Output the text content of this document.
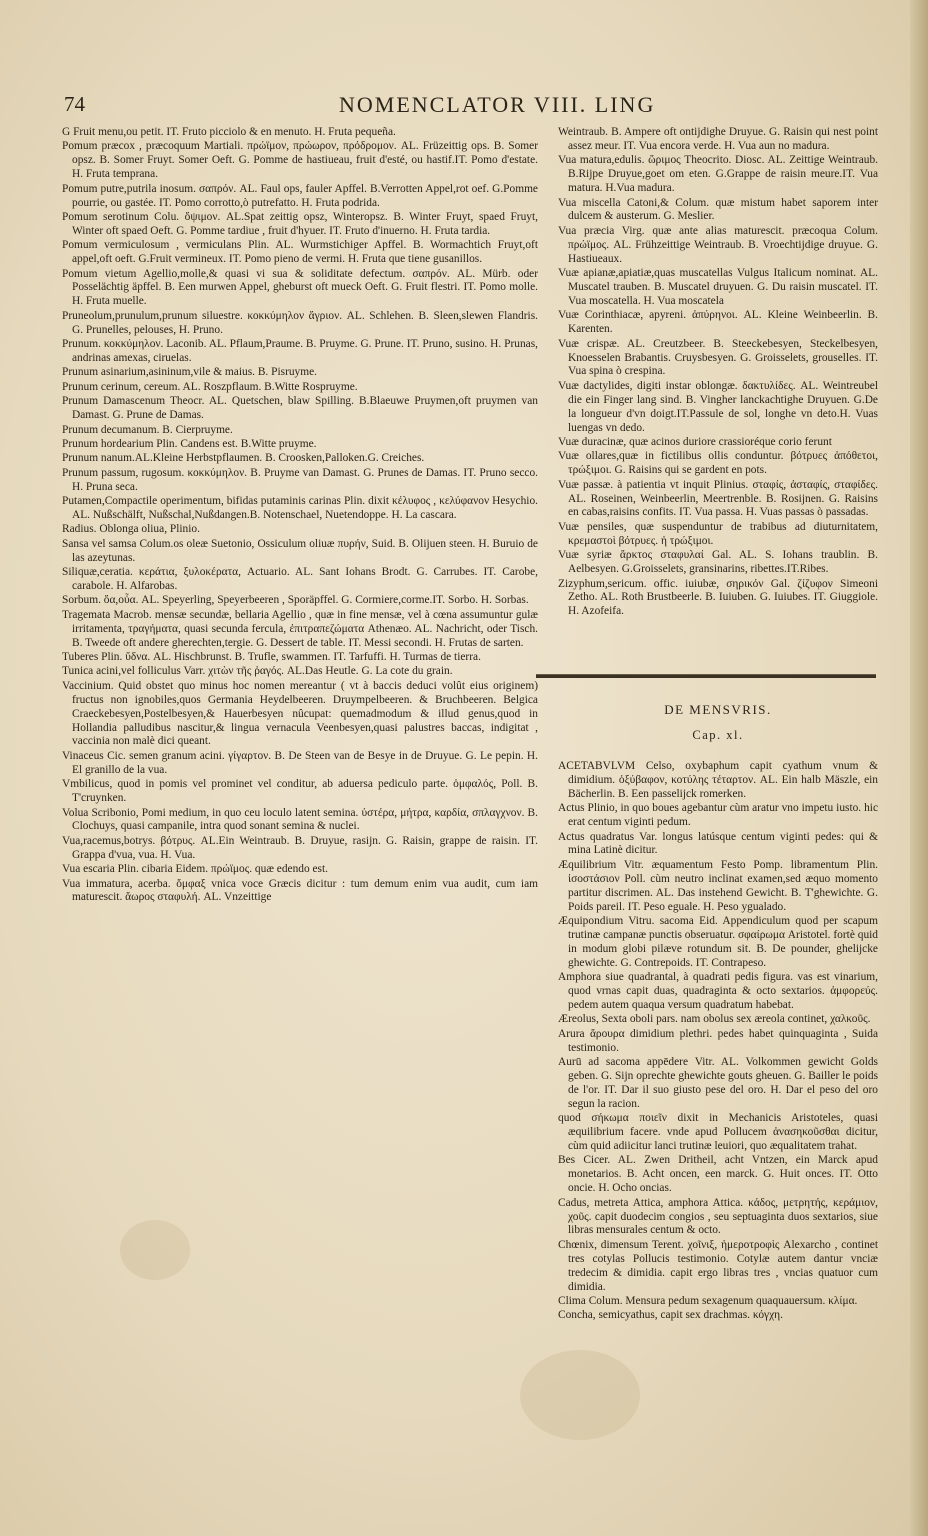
74	NOMENCLATOR VIII. LING

G Fruit menu,ou petit. IT. Fruto picciolo & en menuto. H. Fruta pequeña.

Pomum præcox , præcoquum Martiali. πρώϊμον, πρώωρον, πρόδρομον. AL. Früzeittig ops. B. Somer opsz. B. Somer Fruyt. Somer Oeft. G. Pomme de hastiueau, fruit d'esté, ou hastif.IT. Pomo d'estate. H. Fruta temprana.

Pomum putre,putrila inosum. σαπρόν. AL. Faul ops, fauler Apffel. B.Verrotten Appel,rot oef. G.Pomme pourrie, ou gastée. IT. Pomo corrotto,ò putrefatto. H. Fruta podrida.

Pomum serotinum Colu. ὄψιμον. AL.Spat zeittig opsz, Winteropsz. B. Winter Fruyt, spaed Fruyt, Winter oft spaed Oeft. G. Pomme tardiue , fruit d'hyuer. IT. Fruto d'inuerno. H. Fruta tardia.

Pomum vermiculosum , vermiculans Plin. AL. Wurmstichiger Apffel. B. Wormachtich Fruyt,oft appel,oft oeft. G.Fruit vermineux. IT. Pomo pieno de vermi. H. Fruta que tiene gusanillos.

Pomum vietum Agellio,molle,& quasi vi sua & soliditate defectum. σαπρόν. AL. Mürb. oder Posselächtig äpffel. B. Een murwen Appel, gheburst oft mueck Oeft. G. Fruit flestri. IT. Pomo molle. H. Fruta muelle.

Pruneolum,prunulum,prunum siluestre. κοκκύμηλον ἄγριον. AL. Schlehen. B. Sleen,slewen Flandris. G. Prunelles, pelouses, H. Pruno.

Prunum. κοκκύμηλον. Laconib. AL. Pflaum,Praume. B. Pruyme. G. Prune. IT. Pruno, susino. H. Prunas, andrinas amexas, ciruelas.

Prunum asinarium,asininum,vile & maius. B. Pisruyme.

Prunum cerinum, cereum. AL. Roszpflaum. B.Witte Rospruyme.

Prunum Damascenum Theocr. AL. Quetschen, blaw Spilling. B.Blaeuwe Pruymen,oft pruymen van Damast. G. Prune de Damas.

Prunum decumanum. B. Cierpruyme.

Prunum hordearium Plin. Candens est. B.Witte pruyme.

Prunum nanum.AL.Kleine Herbstpflaumen. B. Croosken,Palloken.G. Creiches.

Prunum passum, rugosum. κοκκύμηλον. B. Pruyme van Damast. G. Prunes de Damas. IT. Pruno secco. H. Pruna seca.

Putamen,Compactile operimentum, bifidas putaminis carinas Plin. dixit κέλυφος , κελύφανον Hesychio. AL. Nußschälft, Nußschal,Nußdangen.B. Notenschael, Nuetendoppe. H. La cascara.

Radius. Oblonga oliua, Plinio.

Sansa vel samsa Colum.os oleæ Suetonio, Ossiculum oliuæ πυρήν, Suid. B. Olijuen steen. H. Buruio de las azeytunas.

Siliquæ,ceratia. κεράτια, ξυλοκέρατα, Actuario. AL. Sant Iohans Brodt. G. Carrubes. IT. Carobe, carabole. H. Alfarobas.

Sorbum. ὄα,οὖα. AL. Speyerling, Speyerbeeren , Sporäpffel. G. Cormiere,corme.IT. Sorbo. H. Sorbas.

Tragemata Macrob. mensæ secundæ, bellaria Agellio , quæ in fine mensæ, vel à cœna assumuntur gulæ irritamenta, τραγήματα, quasi secunda fercula, ἐπιτραπεζώματα Athenæo. AL. Nachricht, oder Tisch. B. Tweede oft andere gherechten,tergie. G. Dessert de table. IT. Messi secondi. H. Frutas de sarten.

Tuberes Plin. ὕδνα. AL. Hischbrunst. B. Trufle, swammen. IT. Tarfuffi. H. Turmas de tierra.

Tunica acini,vel folliculus Varr. χιτὼν τῆς ῥαγός. AL.Das Heutle. G. La cote du grain.

Vaccinium. Quid obstet quo minus hoc nomen mereantur ( vt à baccis deduci volût eius originem) fructus non ignobiles,quos Germania Heydelbeeren. Druympelbeeren. & Bruchbeeren. Belgica Craeckebesyen,Postelbesyen,& Hauerbesyen nûcupat: quemadmodum & illud genus,quod in Hollandia palludibus nascitur,& lingua vernacula Veenbesyen,quasi palustres baccas, indigitat , vaccinia non malè dici queant.

Vinaceus Cic. semen granum acini. γίγαρτον. B. De Steen van de Besye in de Druyue. G. Le pepin. H. El granillo de la vua.

Vmbilicus, quod in pomis vel prominet vel conditur, ab aduersa pediculo parte. ὀμφαλός, Poll. B. T'cruynken.

Volua Scribonio, Pomi medium, in quo ceu loculo latent semina. ὑστέρα, μήτρα, καρδία, σπλαγχνον. B. Clochuys, quasi campanile, intra quod sonant semina & nuclei.

Vua,racemus,botrys. βότρυς. AL.Ein Weintraub. B. Druyue, rasijn. G. Raisin, grappe de raisin. IT. Grappa d'vua, vua. H. Vua.

Vua escaria Plin. cibaria Eidem. πρώϊμος. quæ edendo est.

Vua immatura, acerba. ὄμφαξ vnica voce Græcis dicitur : tum demum enim vua audit, cum iam maturescit. ἄωρος σταφυλή. AL. Vnzeittige

Weintraub. B. Ampere oft ontijdighe Druyue. G. Raisin qui nest point assez meur. IT. Vua encora verde. H. Vua aun no madura.

Vua matura,edulis. ὥριμος Theocrito. Diosc. AL. Zeittige Weintraub. B.Rijpe Druyue,goet om eten. G.Grappe de raisin meure.IT. Vua matura. H.Vua madura.

Vua miscella Catoni,& Colum. quæ mistum habet saporem inter dulcem & austerum. G. Meslier.

Vua præcia Virg. quæ ante alias maturescit. præcoqua Colum. πρώϊμος. AL. Frühzeittige Weintraub. B. Vroechtijdige druyue. G. Hastiueaux.

Vuæ apianæ,apiatiæ,quas muscatellas Vulgus Italicum nominat. AL. Muscatel trauben. B. Muscatel druyuen. G. Du raisin muscatel. IT. Vua moscatella. H. Vua moscatela

Vuæ Corinthiacæ, apyreni. ἀπύρηνοι. AL. Kleine Weinbeerlin. B. Karenten.

Vuæ crispæ. AL. Creutzbeer. B. Steeckebesyen, Steckelbesyen, Knoesselen Brabantis. Cruysbesyen. G. Groisselets, grouselles. IT. Vua spina ò crespina.

Vuæ dactylides, digiti instar oblongæ. δακτυλίδες. AL. Weintreubel die ein Finger lang sind. B. Vingher lanckachtighe Druyuen. G.De la longueur d'vn doigt.IT.Passule de sol, longhe vn deto.H. Vuas luengas vn dedo.

Vuæ duracinæ, quæ acinos duriore crassioréque corio ferunt

Vuæ ollares,quæ in fictilibus ollis conduntur. βότρυες ἀπόθετοι, τρώξιμοι. G. Raisins qui se gardent en pots.

Vuæ passæ. à patientia vt inquit Plinius. σταφίς, ἀσταφίς, σταφίδες. AL. Roseinen, Weinbeerlin, Meertrenble. B. Rosijnen. G. Raisins en cabas,raisins confits. IT. Vua passa. H. Vuas passas ò passadas.

Vuæ pensiles, quæ suspenduntur de trabibus ad diuturnitatem, κρεμαστοὶ βότρυες. ἡ τρώξιμοι.

Vuæ syriæ ἄρκτος σταφυλαί Gal. AL. S. Iohans traublin. B. Aelbesyen. G.Groisselets, gransinarins, ribettes.IT.Ribes.

Zizyphum,sericum. offic. iuiubæ, σηρικόν Gal. ζίζυφον Simeoni Zetho. AL. Roth Brustbeerle. B. Iuiuben. G. Iuiubes. IT. Giuggiole. H. Azofeifa.

DE MENSVRIS.
Cap. xl.

ACETABVLVM Celso, oxybaphum capit cyathum vnum & dimidium. ὀξύβαφον, κοτύλης τέταρτον. AL. Ein halb Mäszle, ein Bächerlin. B. Een passelijck romerken.

Actus Plinio, in quo boues agebantur cùm aratur vno impetu iusto. hic erat centum viginti pedum.

Actus quadratus Var. longus latúsque centum viginti pedes: qui & mina Latinè dicitur.

Æquilibrium Vitr. æquamentum Festo Pomp. libramentum Plin. ἰσοστάσιον Poll. cùm neutro inclinat examen,sed æquo momento partitur discrimen. AL. Das instehend Gewicht. B. T'ghewichte. G. Poids pareil. IT. Peso eguale. H. Peso ygualado.

Æquipondium Vitru. sacoma Eid. Appendiculum quod per scapum trutinæ campanæ punctis obseruatur. σφαίρωμα Aristotel. fortè quid in modum globi pilæve rotundum sit. B. De pounder, ghelijcke ghewichte. G. Contrepoids. IT. Contrapeso.

Amphora siue quadrantal, à quadrati pedis figura. vas est vinarium, quod vrnas capit duas, quadraginta & octo sextarios. ἀμφορεύς. pedem autem quaqua versum quadratum habebat.

Æreolus, Sexta oboli pars. nam obolus sex æreola continet, χαλκοῦς.

Arura ἄρουρα dimidium plethri. pedes habet quinquaginta , Suida testimonio.

Aurū ad sacoma appēdere Vitr. AL. Volkommen gewicht Golds geben. G. Sijn oprechte ghewichte gouts gheuen. G. Bailler le poids de l'or. IT. Dar il suo giusto pese del oro. H. Dar el peso del oro segun la racion.

quod σήκωμα ποιεῖν dixit in Mechanicis Aristoteles, quasi æquilibrium facere. vnde apud Pollucem ἀνασηκοῦσθαι dicitur, cùm quid adiicitur lanci trutinæ leuiori, quo æqualitatem trahat.

Bes Cicer. AL. Zwen Dritheil, acht Vntzen, ein Marck apud monetarios. B. Acht oncen, een marck. G. Huit onces. IT. Otto oncie. H. Ocho oncias.

Cadus, metreta Attica, amphora Attica. κάδος, μετρητής, κεράμιον, χοῦς. capit duodecim congios , seu septuaginta duos sextarios, siue libras mensurales centum & octo.

Chœnix, dimensum Terent. χοῖνιξ, ἡμεροτροφὶς Alexarcho , continet tres cotylas Pollucis testimonio. Cotylæ autem dantur vnciæ tredecim & dimidia. capit ergo libras tres , vncias quatuor cum dimidia.

Clima Colum. Mensura pedum sexagenum quaquauersum. κλίμα.

Concha, semicyathus, capit sex drachmas. κόγχη.
